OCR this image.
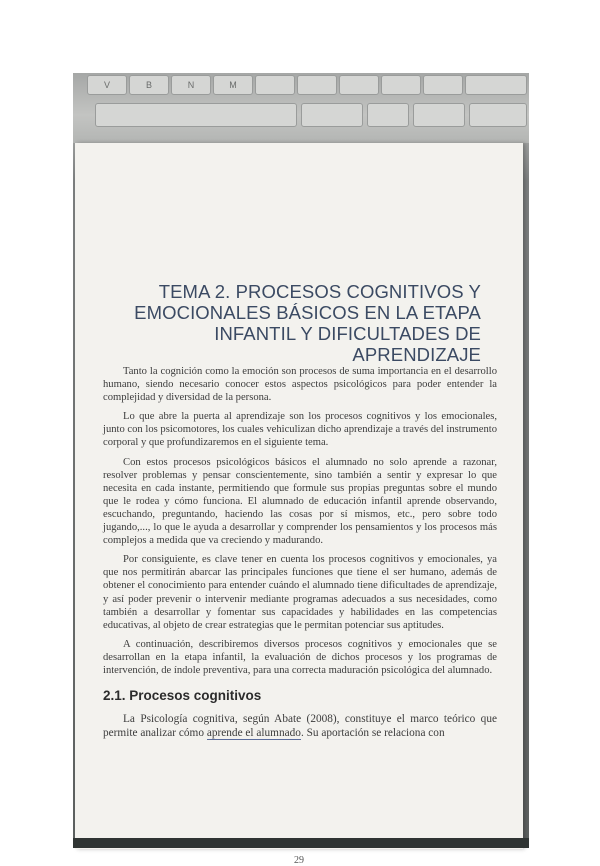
V	B	N	M
TEMA 2. PROCESOS COGNITIVOS Y
EMOCIONALES BÁSICOS EN LA ETAPA
INFANTIL Y DIFICULTADES DE APRENDIZAJE

Tanto la cognición como la emoción son procesos de suma importancia en el desarrollo humano, siendo necesario conocer estos aspectos psicológicos para poder entender la complejidad y diversidad de la persona.

Lo que abre la puerta al aprendizaje son los procesos cognitivos y los emocionales, junto con los psicomotores, los cuales vehiculizan dicho aprendizaje a través del instrumento corporal y que profundizaremos en el siguiente tema.

Con estos procesos psicológicos básicos el alumnado no solo aprende a razonar, resolver problemas y pensar conscientemente, sino también a sentir y expresar lo que necesita en cada instante, permitiendo que formule sus propias preguntas sobre el mundo que le rodea y cómo funciona. El alumnado de educación infantil aprende observando, escuchando, preguntando, haciendo las cosas por sí mismos, etc., pero sobre todo jugando,..., lo que le ayuda a desarrollar y comprender los pensamientos y los procesos más complejos a medida que va creciendo y madurando.

Por consiguiente, es clave tener en cuenta los procesos cognitivos y emocionales, ya que nos permitirán abarcar las principales funciones que tiene el ser humano, además de obtener el conocimiento para entender cuándo el alumnado tiene dificultades de aprendizaje, y así poder prevenir o intervenir mediante programas adecuados a sus necesidades, como también a desarrollar y fomentar sus capacidades y habilidades en las competencias educativas, al objeto de crear estrategias que le permitan potenciar sus aptitudes.

A continuación, describiremos diversos procesos cognitivos y emocionales que se desarrollan en la etapa infantil, la evaluación de dichos procesos y los programas de intervención, de índole preventiva, para una correcta maduración psicológica del alumnado.

2.1. Procesos cognitivos

La Psicología cognitiva, según Abate (2008), constituye el marco teórico que permite analizar cómo aprende el alumnado. Su aportación se relaciona con

29
